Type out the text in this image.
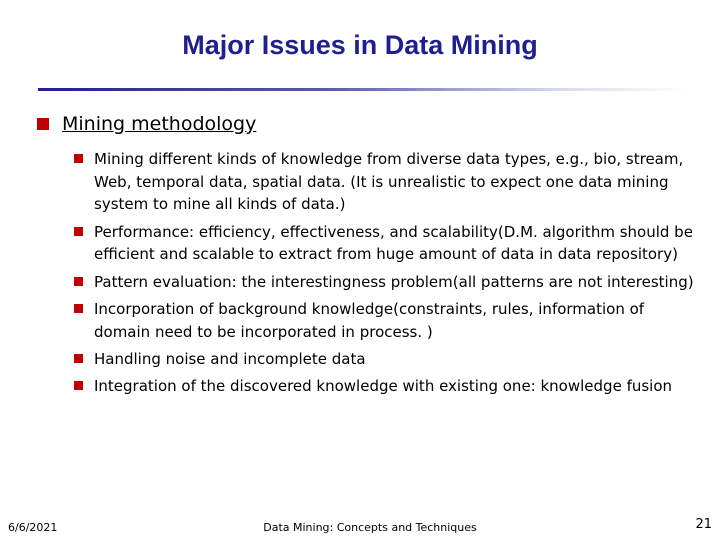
Major Issues in Data Mining
Mining methodology
Mining different kinds of knowledge from diverse data types, e.g., bio, stream, Web, temporal data, spatial data. (It is unrealistic to expect one data mining system to mine all kinds of data.)
Performance: efficiency, effectiveness, and scalability(D.M. algorithm should be efficient and scalable to extract from huge amount of data in data repository)
Pattern evaluation: the interestingness problem(all patterns are not interesting)
Incorporation of background knowledge(constraints, rules, information of domain need to be incorporated in process. )
Handling noise and incomplete data
Integration of the discovered knowledge with existing one: knowledge fusion
6/6/2021	Data Mining: Concepts and Techniques	21
